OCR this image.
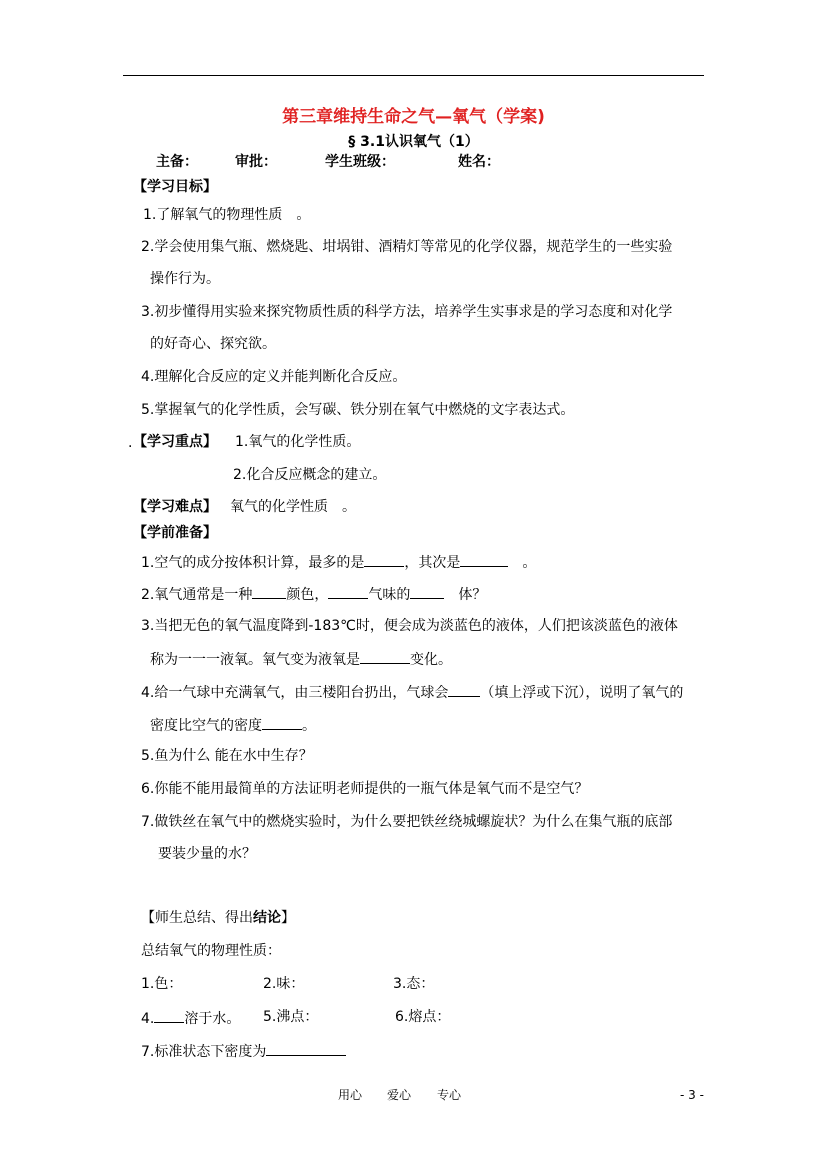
第三章维持生命之气—氧气（学案)
§ 3.1认识氧气（1）
主备：	审批：	学生班级：	姓名：
【学习目标】
1.了解氧气的物理性质　。
2.学会使用集气瓶、燃烧匙、坩埚钳、酒精灯等常见的化学仪器，规范学生的一些实验
操作行为。
3.初步懂得用实验来探究物质性质的科学方法，培养学生实事求是的学习态度和对化学
的好奇心、探究欲。
4.理解化合反应的定义并能判断化合反应。
5.掌握氧气的化学性质，会写碳、铁分别在氧气中燃烧的文字表达式。
. 【学习重点】 1.氧气的化学性质。
2.化合反应概念的建立。
【学习难点】 氧气的化学性质　。
【学前准备】
1.空气的成分按体积计算，最多的是	，其次是	　。
2.氧气通常是一种 颜色，	气味的　体？
3.当把无色的氧气温度降到-183℃时，便会成为淡蓝色的液体，人们把该淡蓝色的液体
称为一一一液氧。氧气变为液氧是	变化。
4.给一气球中充满氧气，由三楼阳台扔出，气球会 （填上浮或下沉），说明了氧气的
密度比空气的密度	。
5.鱼为什么 能在水中生存？
6.你能不能用最简单的方法证明老师提供的一瓶气体是氧气而不是空气？
7.做铁丝在氧气中的燃烧实验时，为什么要把铁丝绕城螺旋状？为什么在集气瓶的底部
要装少量的水？
【师生总结、得出结论】
总结氧气的物理性质：
1.色：	2.味：	3.态：
4. 溶于水。 5.沸点：	6.熔点：
7.标准状态下密度为
用心 爱心 专心	- 3 -
